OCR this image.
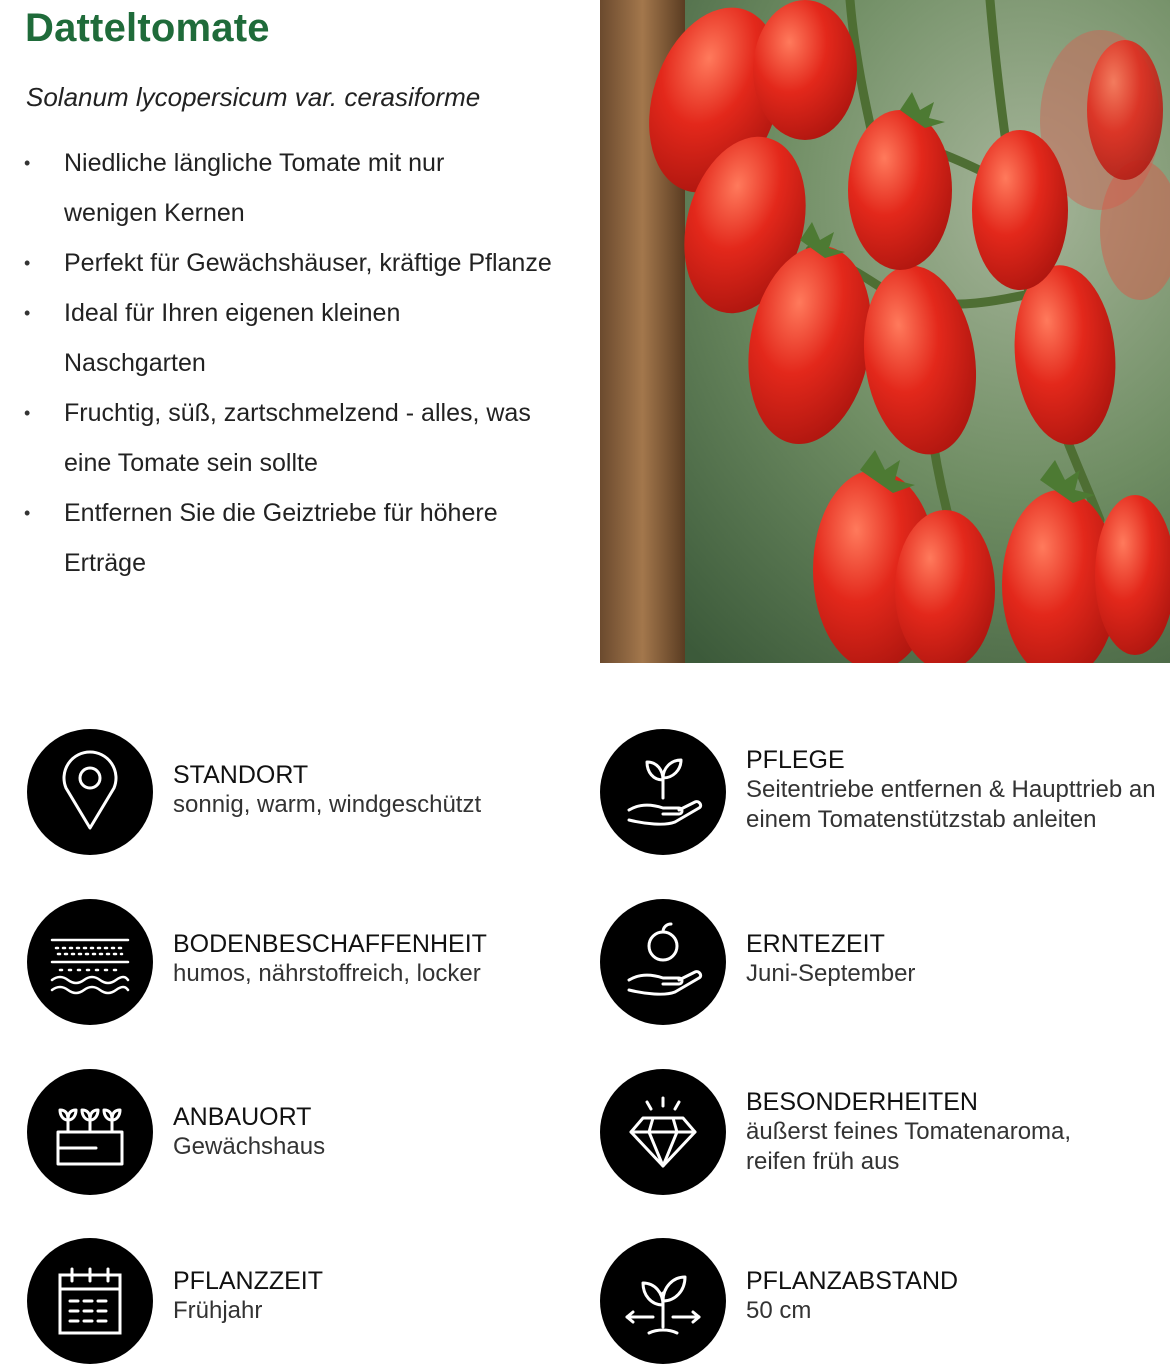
Datteltomate
Solanum lycopersicum var. cerasiforme
• Niedliche längliche Tomate mit nur wenigen Kernen
• Perfekt für Gewächshäuser, kräftige Pflanze
• Ideal für Ihren eigenen kleinen Naschgarten
• Fruchtig, süß, zartschmelzend - alles, was eine Tomate sein sollte
• Entfernen Sie die Geiztriebe für höhere Erträge
STANDORT
sonnig, warm, windgeschützt
PFLEGE
Seitentriebe entfernen & Haupttrieb an einem Tomatenstützstab anleiten
BODENBESCHAFFENHEIT
humos, nährstoffreich, locker
ERNTEZEIT
Juni-September
ANBAUORT
Gewächshaus
BESONDERHEITEN
äußerst feines Tomatenaroma, reifen früh aus
PFLANZZEIT
Frühjahr
PFLANZABSTAND
50 cm
